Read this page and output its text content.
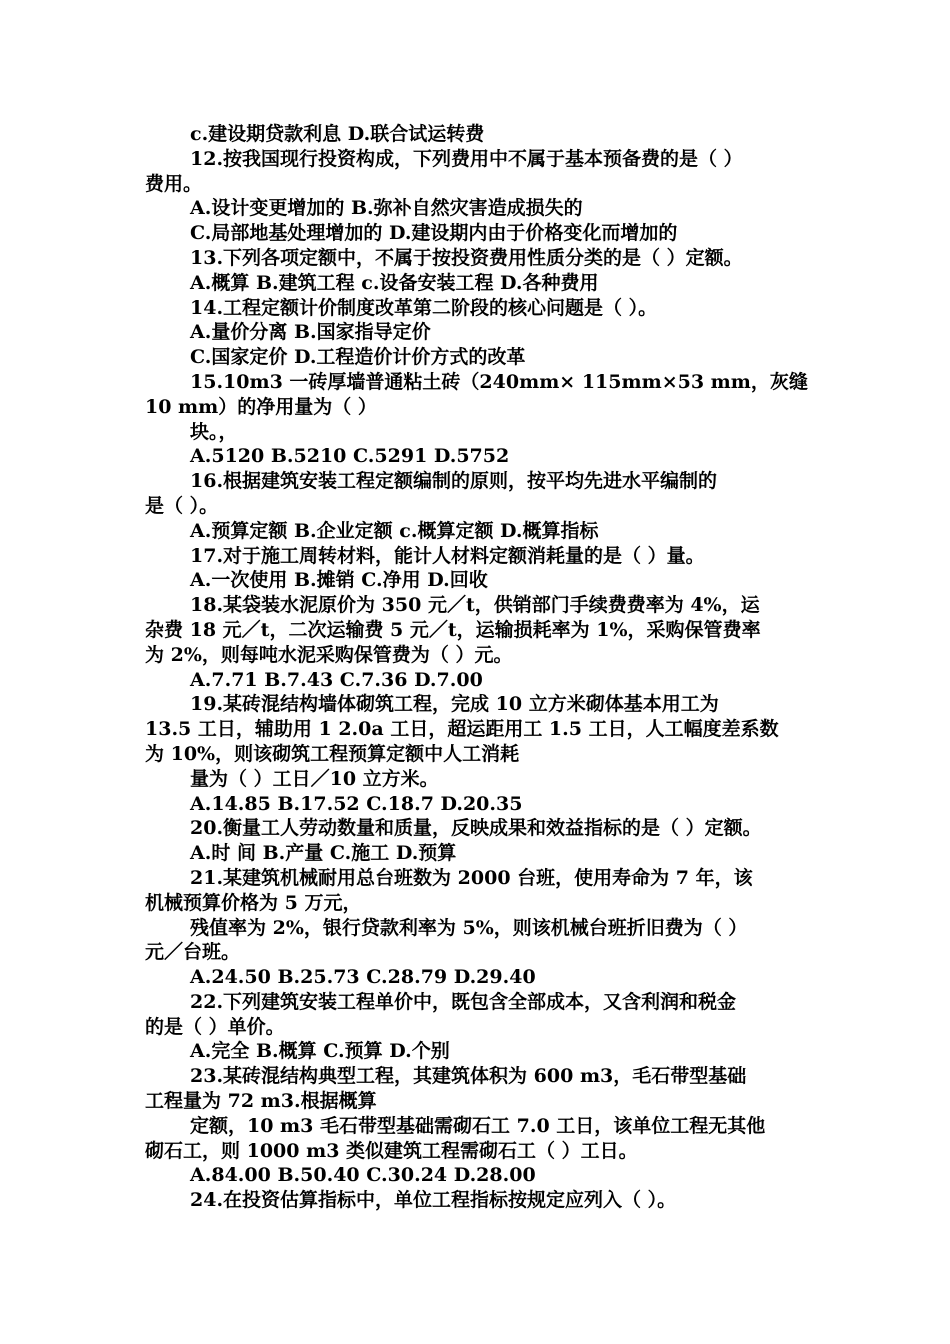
c.建设期贷款利息 D.联合试运转费
12.按我国现行投资构成，下列费用中不属于基本预备费的是（ ）
费用。
A.设计变更增加的 B.弥补自然灾害造成损失的
C.局部地基处理增加的 D.建设期内由于价格变化而增加的
13.下列各项定额中，不属于按投资费用性质分类的是（ ）定额。
A.概算 B.建筑工程 c.设备安装工程 D.各种费用
14.工程定额计价制度改革第二阶段的核心问题是（ ）。
A.量价分离 B.国家指导定价
C.国家定价 D.工程造价计价方式的改革
15.10m3 一砖厚墙普通粘土砖（240mm× 115mm×53 mm，灰缝
10 mm）的净用量为（ ）
块。，
A.5120 B.5210 C.5291 D.5752
16.根据建筑安装工程定额编制的原则，按平均先进水平编制的
是（ ）。
A.预算定额 B.企业定额 c.概算定额 D.概算指标
17.对于施工周转材料，能计人材料定额消耗量的是（ ）量。
A.一次使用 B.摊销 C.净用 D.回收
18.某袋装水泥原价为 350 元／t，供销部门手续费费率为 4%，运
杂费 18 元／t，二次运输费 5 元／t，运输损耗率为 1%，采购保管费率
为 2%，则每吨水泥采购保管费为（ ）元。
A.7.71 B.7.43 C.7.36 D.7.00
19.某砖混结构墙体砌筑工程，完成 10 立方米砌体基本用工为
13.5 工日，辅助用 1 2.0a 工日，超运距用工 1.5 工日，人工幅度差系数
为 10%，则该砌筑工程预算定额中人工消耗
量为（ ）工日／10 立方米。
A.14.85 B.17.52 C.18.7 D.20.35
20.衡量工人劳动数量和质量，反映成果和效益指标的是（ ）定额。
A.时 间 B.产量 C.施工 D.预算
21.某建筑机械耐用总台班数为 2000 台班，使用寿命为 7 年，该
机械预算价格为 5 万元，
残值率为 2%，银行贷款利率为 5%，则该机械台班折旧费为（ ）
元／台班。
A.24.50 B.25.73 C.28.79 D.29.40
22.下列建筑安装工程单价中，既包含全部成本，又含利润和税金
的是（ ）单价。
A.完全 B.概算 C.预算 D.个别
23.某砖混结构典型工程，其建筑体积为 600 m3，毛石带型基础
工程量为 72 m3.根据概算
定额，10 m3 毛石带型基础需砌石工 7.0 工日，该单位工程无其他
砌石工，则 1000 m3 类似建筑工程需砌石工（ ）工日。
A.84.00 B.50.40 C.30.24 D.28.00
24.在投资估算指标中，单位工程指标按规定应列入（ ）。
